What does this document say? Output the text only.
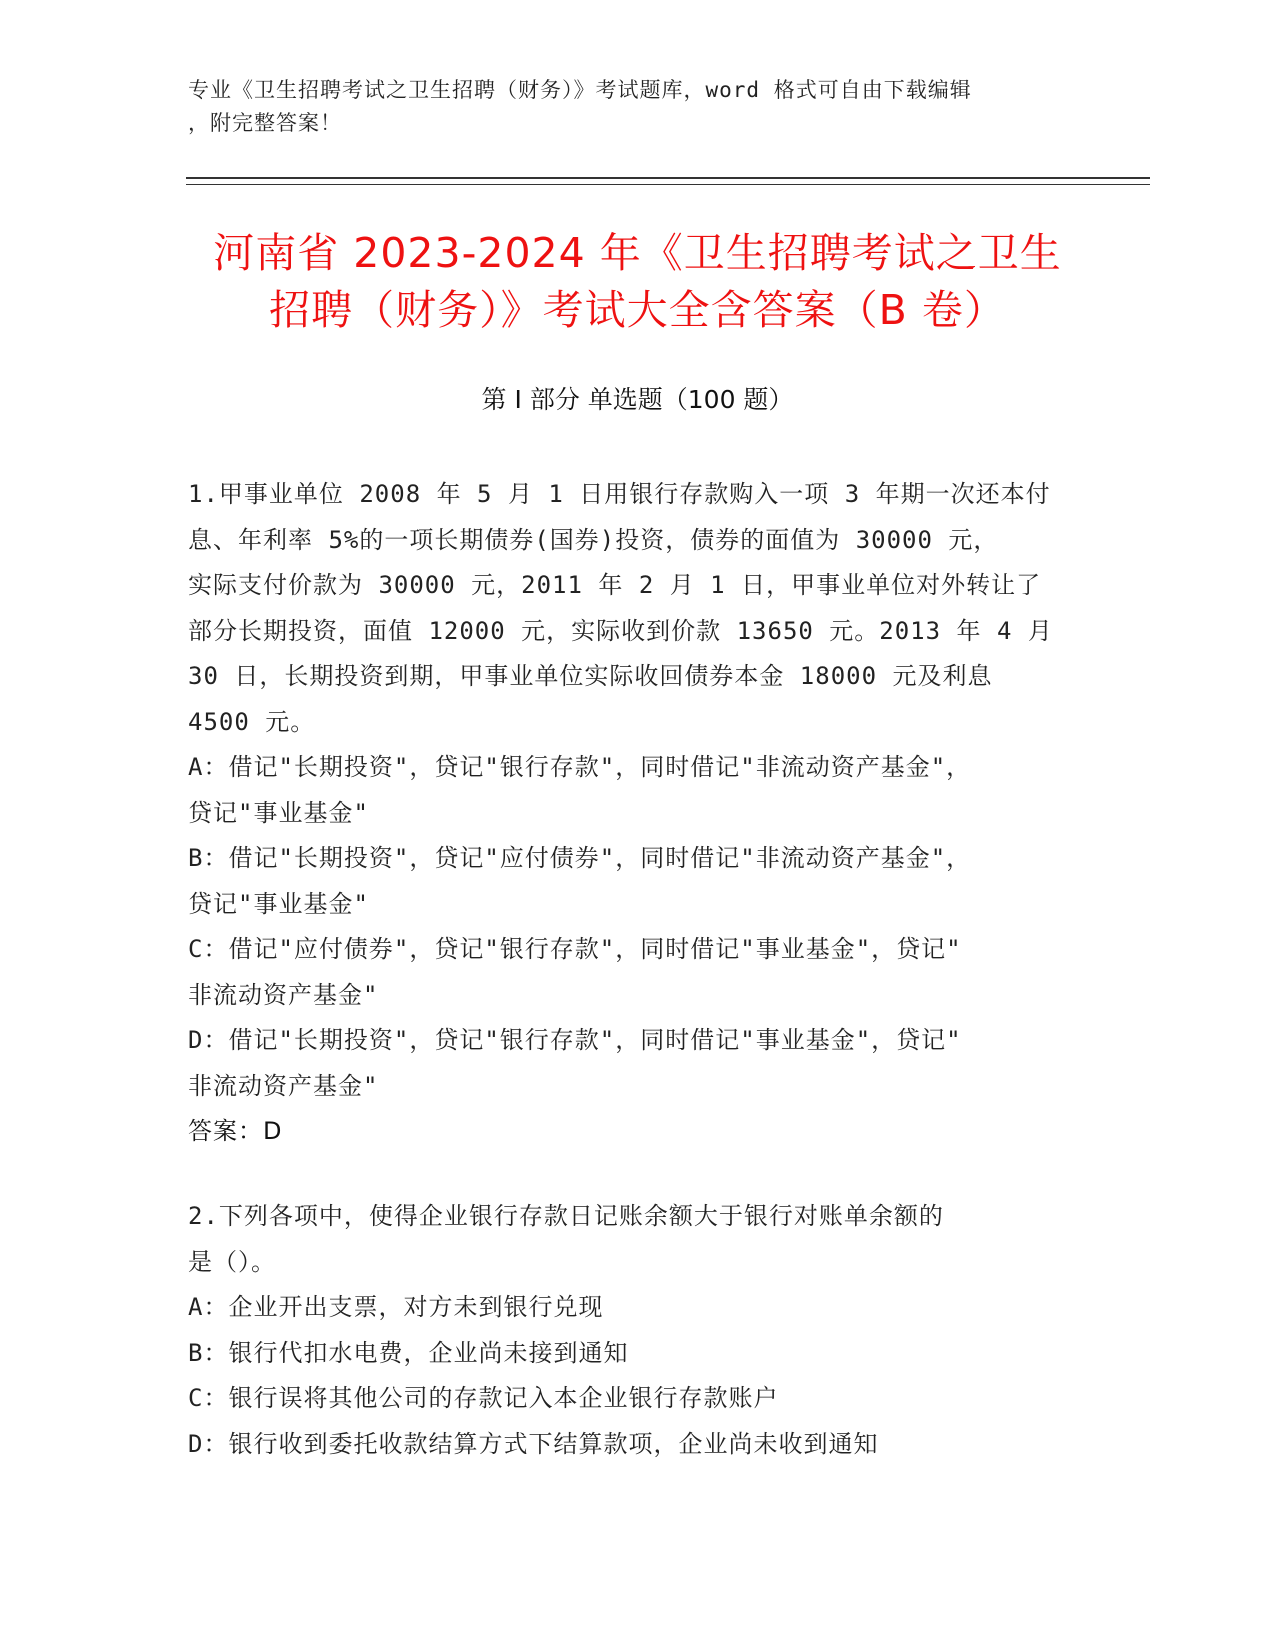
专业《卫生招聘考试之卫生招聘（财务）》考试题库，word 格式可自由下载编辑
，附完整答案！
河南省 2023-2024 年《卫生招聘考试之卫生
招聘（财务）》考试大全含答案（B 卷）
第 I 部分 单选题（100 题）
1.甲事业单位 2008 年 5 月 1 日用银行存款购入一项 3 年期一次还本付
息、年利率 5%的一项长期债券(国券)投资，债券的面值为 30000 元，
实际支付价款为 30000 元，2011 年 2 月 1 日，甲事业单位对外转让了
部分长期投资，面值 12000 元，实际收到价款 13650 元。2013 年 4 月
30 日，长期投资到期，甲事业单位实际收回债券本金 18000 元及利息
4500 元。
A：借记"长期投资"，贷记"银行存款"，同时借记"非流动资产基金"，
贷记"事业基金"
B：借记"长期投资"，贷记"应付债券"，同时借记"非流动资产基金"，
贷记"事业基金"
C：借记"应付债券"，贷记"银行存款"，同时借记"事业基金"，贷记"
非流动资产基金"
D：借记"长期投资"，贷记"银行存款"，同时借记"事业基金"，贷记"
非流动资产基金"
答案：D
2.下列各项中，使得企业银行存款日记账余额大于银行对账单余额的
是（）。
A：企业开出支票，对方未到银行兑现
B：银行代扣水电费，企业尚未接到通知
C：银行误将其他公司的存款记入本企业银行存款账户
D：银行收到委托收款结算方式下结算款项，企业尚未收到通知
